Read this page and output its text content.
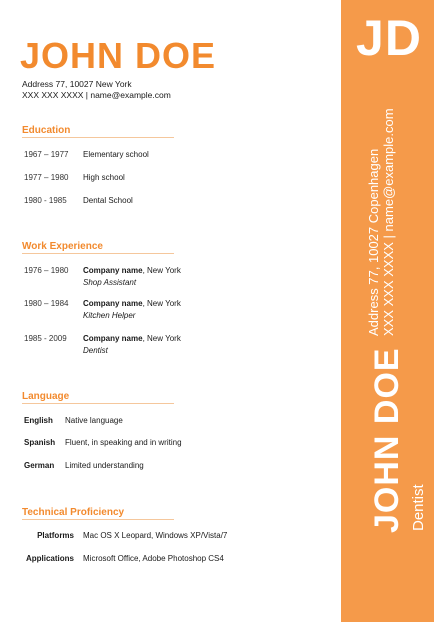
JD
Address 77, 10027 Copenhagen XXX XXX XXXX | name@example.com
JOHN DOE Dentist
JOHN DOE
Address 77, 10027 New York
XXX XXX XXXX | name@example.com
Education
1967 – 1977 Elementary school
1977 – 1980 High school
1980 - 1985 Dental School
Work Experience
1976 – 1980 Company name, New York
Shop Assistant
1980 – 1984 Company name, New York
Kitchen Helper
1985 - 2009 Company name, New York
Dentist
Language
English Native language
Spanish Fluent, in speaking and in writing
German Limited understanding
Technical Proficiency
Platforms Mac OS X Leopard, Windows XP/Vista/7
Applications Microsoft Office, Adobe Photoshop CS4
